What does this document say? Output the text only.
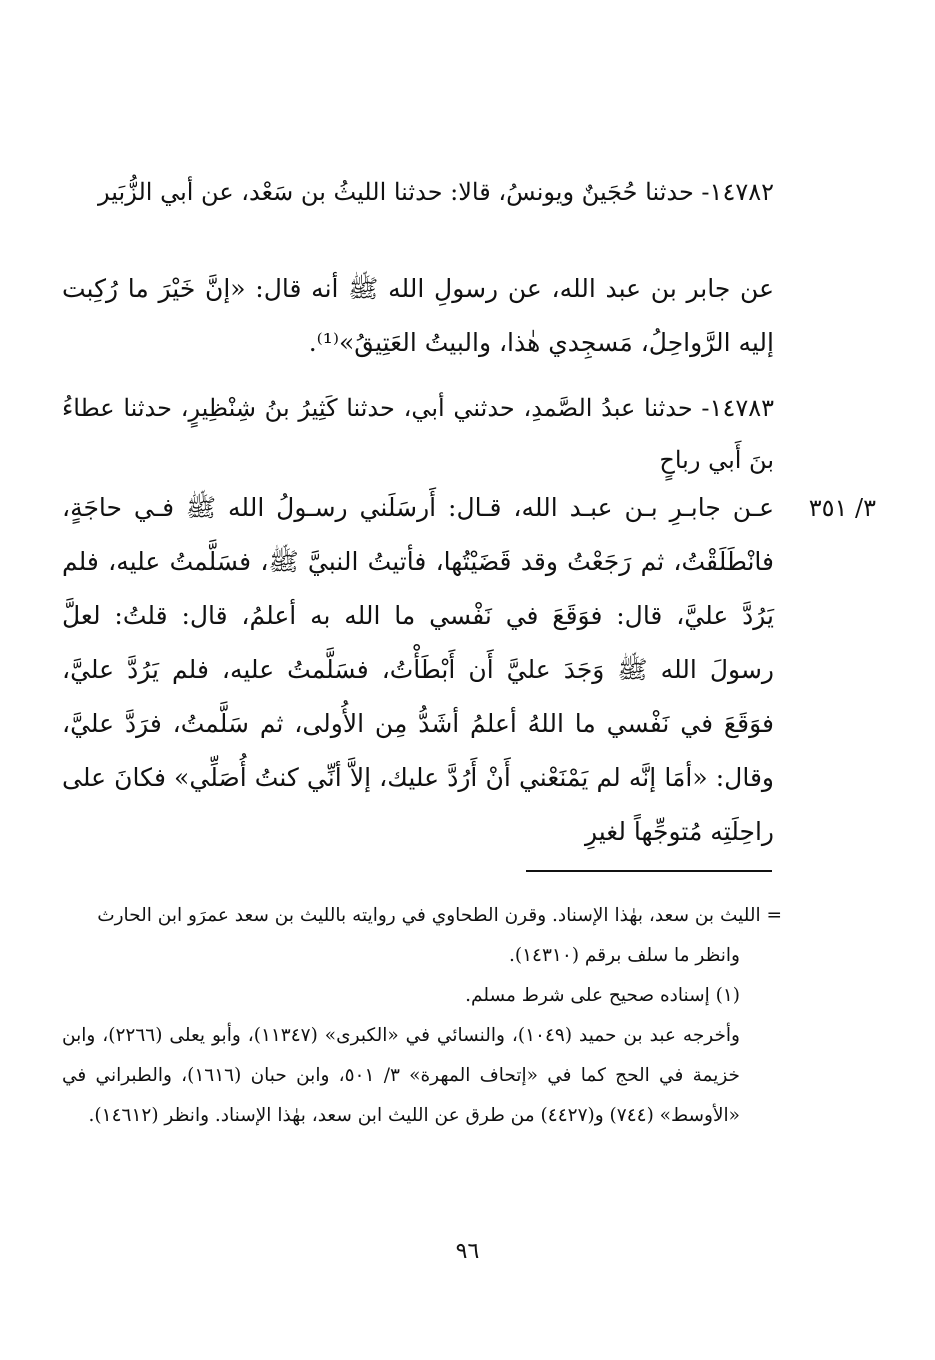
١٤٧٨٢- حدثنا حُجَينٌ ويونسُ، قالا: حدثنا الليثُ بن سَعْد، عن أبي الزُّبَير

عن جابر بن عبد الله، عن رسولِ الله ﷺ أنه قال: «إنَّ خَيْرَ ما رُكِبت إليه الرَّواحِلُ، مَسجِدي هٰذا، والبيتُ العَتِيقُ»⁽¹⁾.

١٤٧٨٣- حدثنا عبدُ الصَّمدِ، حدثني أبي، حدثنا كَثِيرُ بنُ شِنْظِيرٍ، حدثنا عطاءُ بنَ أَبي رباحٍ

٣/ ٣٥١

عـن جابـرِ بـن عبـد الله، قـال: أَرسَلَني رسـولُ الله ﷺ فـي حاجَةٍ، فانْطَلَقْتُ، ثم رَجَعْتُ وقد قَضَيْتُها، فأتيتُ النبيَّ ﷺ، فسَلَّمتُ عليه، فلم يَرُدَّ عليَّ، قال: فوَقَعَ في نَفْسي ما الله به أعلمُ، قال: قلتُ: لعلَّ رسولَ الله ﷺ وَجَدَ عليَّ أَن أَبْطَأْتُ، فسَلَّمتُ عليه، فلم يَرُدَّ عليَّ، فوَقَعَ في نَفْسي ما اللهُ أعلمُ أشَدُّ مِن الأُولى، ثم سَلَّمتُ، فرَدَّ عليَّ، وقال: «أمَا إنَّه لم يَمْنَعْني أَنْ أَرُدَّ عليك، إلاَّ أنِّي كنتُ أُصَلِّي» فكانَ على راحِلَتِه مُتوجِّهاً لغيرِ

= الليث بن سعد، بهٰذا الإسناد. وقرن الطحاوي في روايته بالليث بن سعد عمرَو ابن الحارث

وانظر ما سلف برقم (١٤٣١٠).

(١) إسناده صحيح على شرط مسلم.

وأخرجه عبد بن حميد (١٠٤٩)، والنسائي في «الكبرى» (١١٣٤٧)، وأبو يعلى (٢٢٦٦)، وابن خزيمة في الحج كما في «إتحاف المهرة» ٣/ ٥٠١، وابن حبان (١٦١٦)، والطبراني في «الأوسط» (٧٤٤) و(٤٤٢٧) من طرق عن الليث ابن سعد، بهٰذا الإسناد. وانظر (١٤٦١٢).

٩٦
